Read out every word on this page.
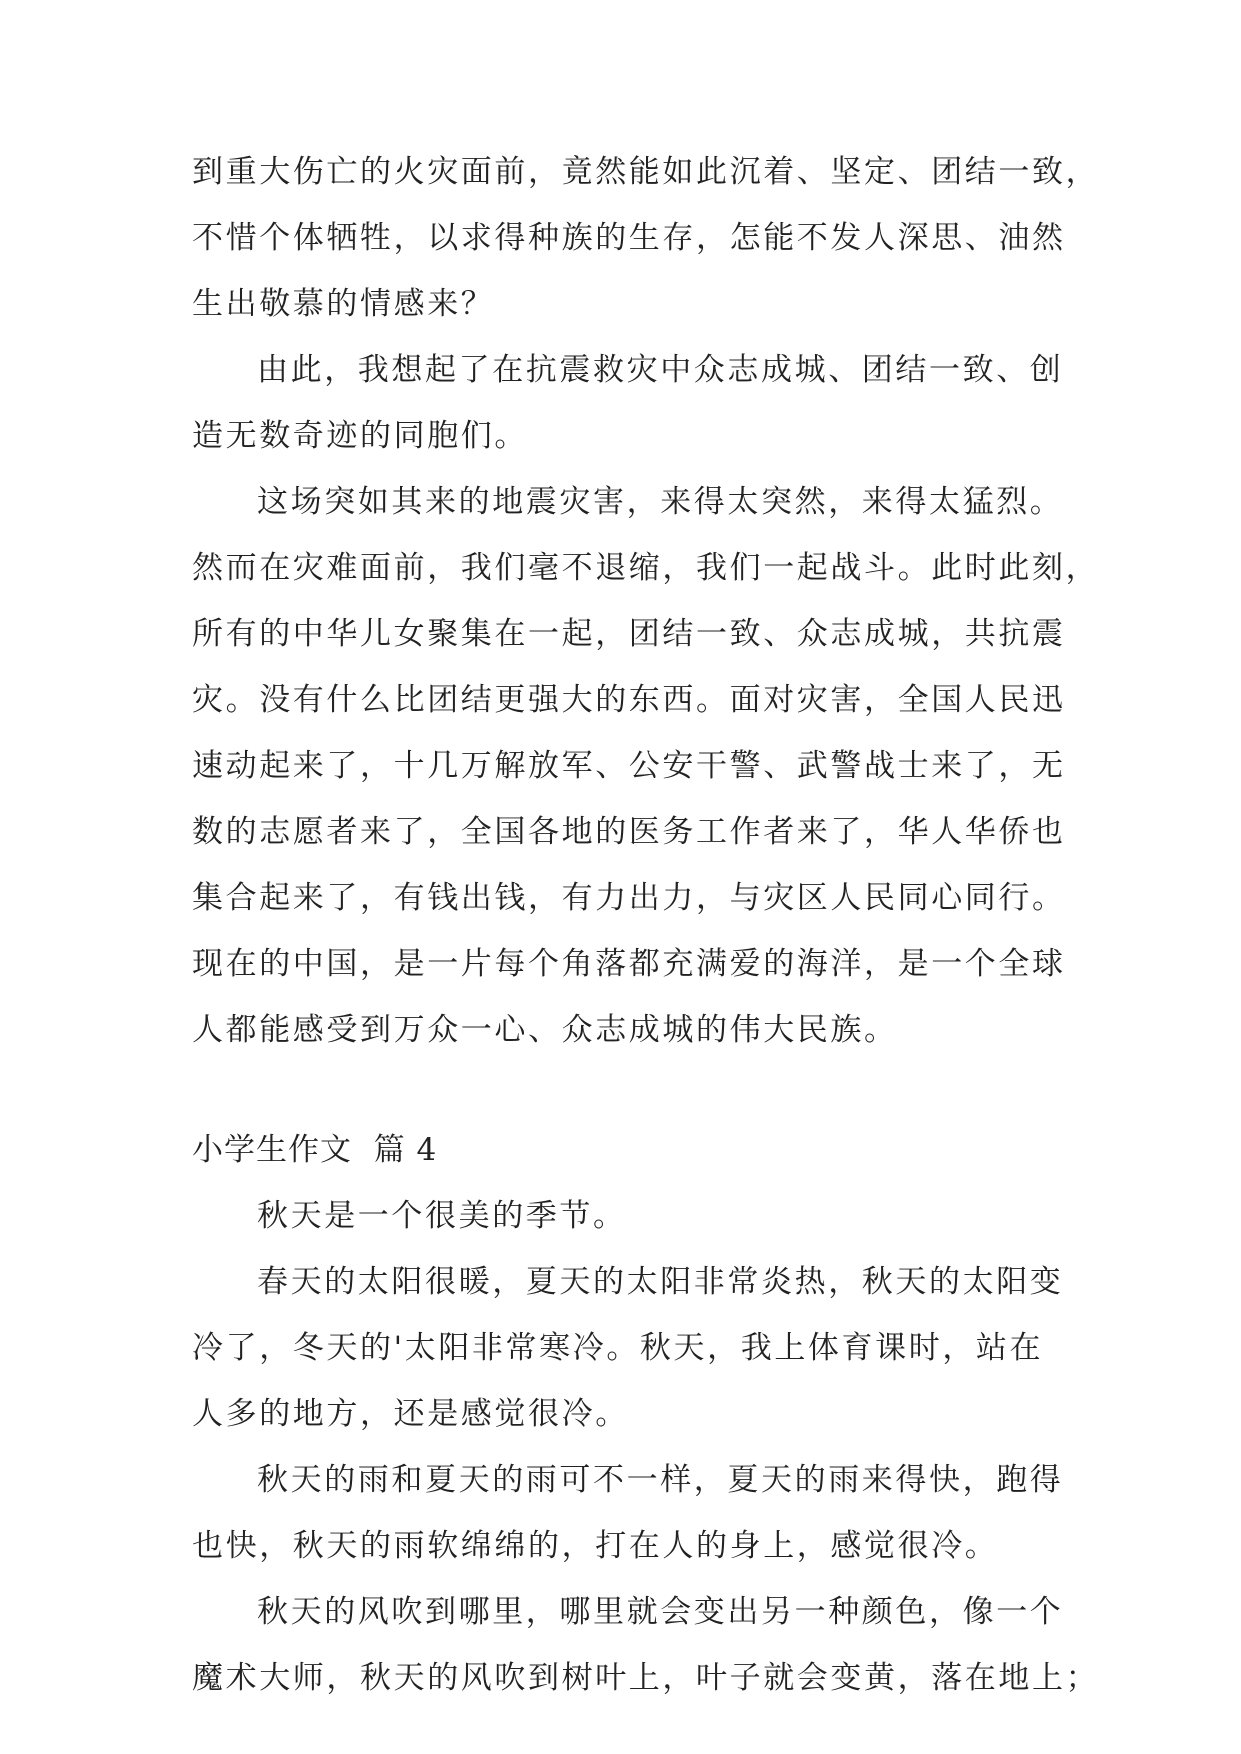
到重大伤亡的火灾面前，竟然能如此沉着、坚定、团结一致，
不惜个体牺牲，以求得种族的生存，怎能不发人深思、油然
生出敬慕的情感来？
由此，我想起了在抗震救灾中众志成城、团结一致、创
造无数奇迹的同胞们。
这场突如其来的地震灾害，来得太突然，来得太猛烈。
然而在灾难面前，我们毫不退缩，我们一起战斗。此时此刻，
所有的中华儿女聚集在一起，团结一致、众志成城，共抗震
灾。没有什么比团结更强大的东西。面对灾害，全国人民迅
速动起来了，十几万解放军、公安干警、武警战士来了，无
数的志愿者来了，全国各地的医务工作者来了，华人华侨也
集合起来了，有钱出钱，有力出力，与灾区人民同心同行。
现在的中国，是一片每个角落都充满爱的海洋，是一个全球
人都能感受到万众一心、众志成城的伟大民族。
小学生作文  篇 4
秋天是一个很美的季节。
春天的太阳很暖，夏天的太阳非常炎热，秋天的太阳变
冷了，冬天的'太阳非常寒冷。秋天，我上体育课时，站在
人多的地方，还是感觉很冷。
秋天的雨和夏天的雨可不一样，夏天的雨来得快，跑得
也快，秋天的雨软绵绵的，打在人的身上，感觉很冷。
秋天的风吹到哪里，哪里就会变出另一种颜色，像一个
魔术大师，秋天的风吹到树叶上，叶子就会变黄，落在地上；
